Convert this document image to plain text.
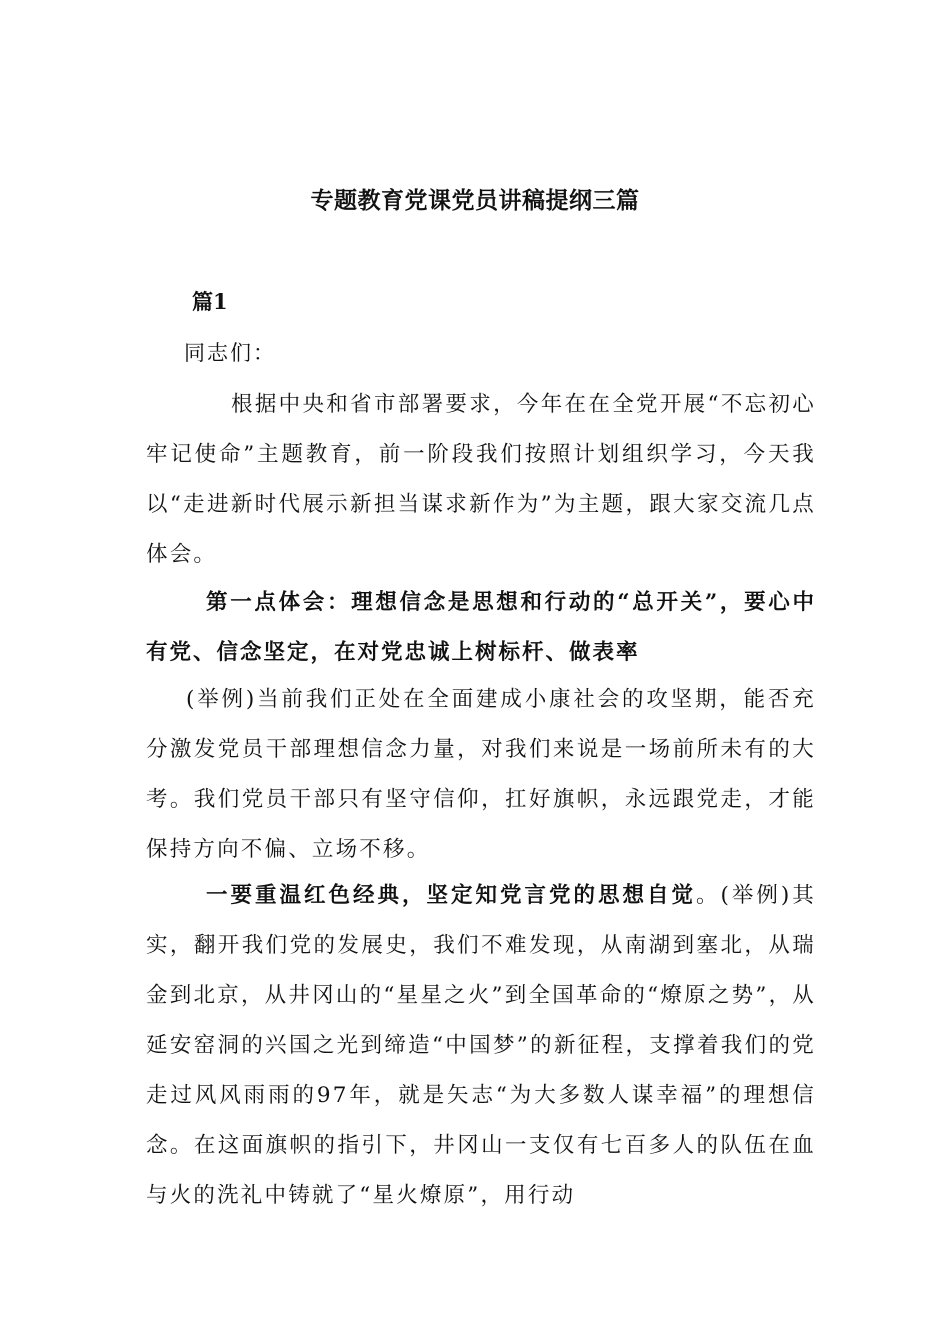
专题教育党课党员讲稿提纲三篇
篇1
同志们：

根据中央和省市部署要求，今年在在全党开展“不忘初心牢记使命”主题教育，前一阶段我们按照计划组织学习，今天我以“走进新时代展示新担当谋求新作为”为主题，跟大家交流几点体会。

第一点体会：理想信念是思想和行动的“总开关”，要心中有党、信念坚定，在对党忠诚上树标杆、做表率

(举例)当前我们正处在全面建成小康社会的攻坚期，能否充分激发党员干部理想信念力量，对我们来说是一场前所未有的大考。我们党员干部只有坚守信仰，扛好旗帜，永远跟党走，才能保持方向不偏、立场不移。

一要重温红色经典，坚定知党言党的思想自觉。(举例)其实，翻开我们党的发展史，我们不难发现，从南湖到塞北，从瑞金到北京，从井冈山的“星星之火”到全国革命的“燎原之势”，从延安窑洞的兴国之光到缔造“中国梦”的新征程，支撑着我们的党走过风风雨雨的97年，就是矢志“为大多数人谋幸福”的理想信念。在这面旗帜的指引下，井冈山一支仅有七百多人的队伍在血与火的洗礼中铸就了“星火燎原”，用行动
